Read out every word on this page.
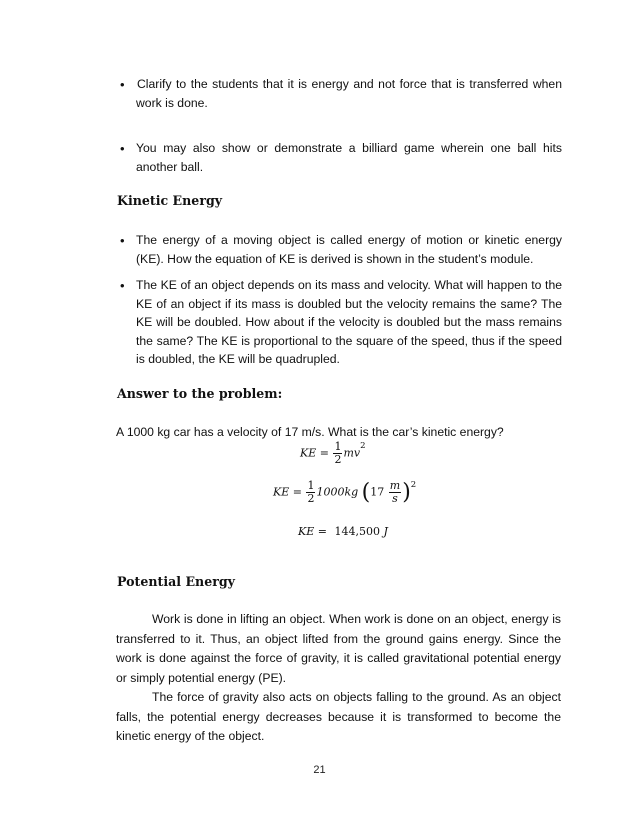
• Clarify to the students that it is energy and not force that is transferred when work is done.
• You may also show or demonstrate a billiard game wherein one ball hits another ball.
Kinetic Energy
• The energy of a moving object is called energy of motion or kinetic energy (KE). How the equation of KE is derived is shown in the student’s module.
• The KE of an object depends on its mass and velocity. What will happen to the KE of an object if its mass is doubled but the velocity remains the same? The KE will be doubled. How about if the velocity is doubled but the mass remains the same? The KE is proportional to the square of the speed, thus if the speed is doubled, the KE will be quadrupled.
Answer to the problem:
A 1000 kg car has a velocity of 17 m/s. What is the car’s kinetic energy?
KE = $\frac{1}{2} mv^2$
KE = $\frac{1}{2} 1000kg$ $(17 \frac{m}{s} )^2$
KE = 144,500 J
Potential Energy
Work is done in lifting an object. When work is done on an object, energy is transferred to it. Thus, an object lifted from the ground gains energy. Since the work is done against the force of gravity, it is called gravitational potential energy or simply potential energy (PE).
The force of gravity also acts on objects falling to the ground. As an object falls, the potential energy decreases because it is transformed to become the kinetic energy of the object.
21
